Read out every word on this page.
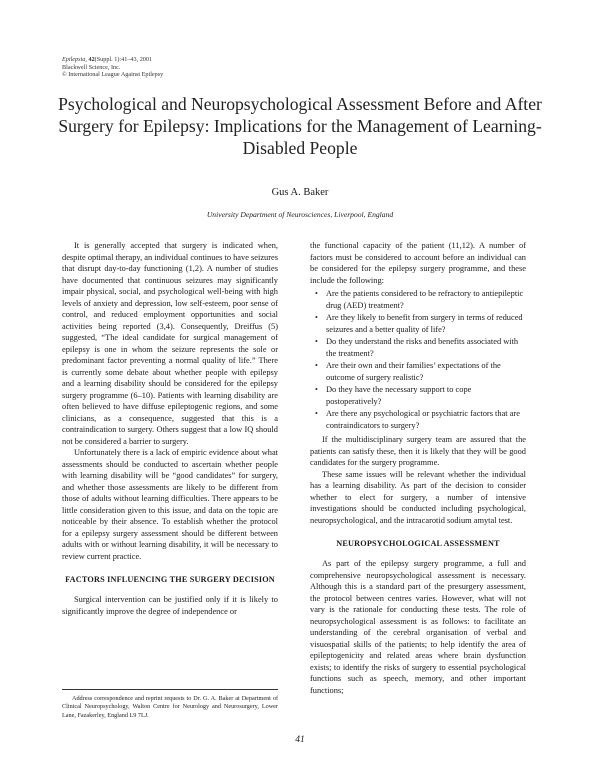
Epilepsia, 42(Suppl. 1):41–43, 2001
Blackwell Science, Inc.
© International League Against Epilepsy
Psychological and Neuropsychological Assessment Before and After Surgery for Epilepsy: Implications for the Management of Learning-Disabled People
Gus A. Baker
University Department of Neurosciences, Liverpool, England

It is generally accepted that surgery is indicated when, despite optimal therapy, an individual continues to have seizures that disrupt day-to-day functioning (1,2). A number of studies have documented that continuous seizures may significantly impair physical, social, and psychological well-being with high levels of anxiety and depression, low self-esteem, poor sense of control, and reduced employment opportunities and social activities being reported (3,4). Consequently, Dreiffus (5) suggested, “The ideal candidate for surgical management of epilepsy is one in whom the seizure represents the sole or predominant factor preventing a normal quality of life.” There is currently some debate about whether people with epilepsy and a learning disability should be considered for the epilepsy surgery programme (6–10). Patients with learning disability are often believed to have diffuse epileptogenic regions, and some clinicians, as a consequence, suggested that this is a contraindication to surgery. Others suggest that a low IQ should not be considered a barrier to surgery.

Unfortunately there is a lack of empiric evidence about what assessments should be conducted to ascertain whether people with learning disability will be “good candidates” for surgery, and whether those assessments are likely to be different from those of adults without learning difficulties. There appears to be little consideration given to this issue, and data on the topic are noticeable by their absence. To establish whether the protocol for a epilepsy surgery assessment should be different between adults with or without learning disability, it will be necessary to review current practice.

FACTORS INFLUENCING THE SURGERY DECISION

Surgical intervention can be justified only if it is likely to significantly improve the degree of independence or

the functional capacity of the patient (11,12). A number of factors must be considered to account before an individual can be considered for the epilepsy surgery programme, and these include the following:

• Are the patients considered to be refractory to antiepileptic drug (AED) treatment?
• Are they likely to benefit from surgery in terms of reduced seizures and a better quality of life?
• Do they understand the risks and benefits associated with the treatment?
• Are their own and their families’ expectations of the outcome of surgery realistic?
• Do they have the necessary support to cope postoperatively?
• Are there any psychological or psychiatric factors that are contraindicators to surgery?

If the multidisciplinary surgery team are assured that the patients can satisfy these, then it is likely that they will be good candidates for the surgery programme.

These same issues will be relevant whether the individual has a learning disability. As part of the decision to consider whether to elect for surgery, a number of intensive investigations should be conducted including psychological, neuropsychological, and the intracarotid sodium amytal test.

NEUROPSYCHOLOGICAL ASSESSMENT

As part of the epilepsy surgery programme, a full and comprehensive neuropsychological assessment is necessary. Although this is a standard part of the presurgery assessment, the protocol between centres varies. However, what will not vary is the rationale for conducting these tests. The role of neuropsychological assessment is as follows: to facilitate an understanding of the cerebral organisation of verbal and visuospatial skills of the patients; to help identify the area of epileptogenicity and related areas where brain dysfunction exists; to identify the risks of surgery to essential psychological functions such as speech, memory, and other important functions;

Address correspondence and reprint requests to Dr. G. A. Baker at Department of Clinical Neuropsychology, Walton Centre for Neurology and Neurosurgery, Lower Lane, Fazakerley, England L9 7LJ.
41
